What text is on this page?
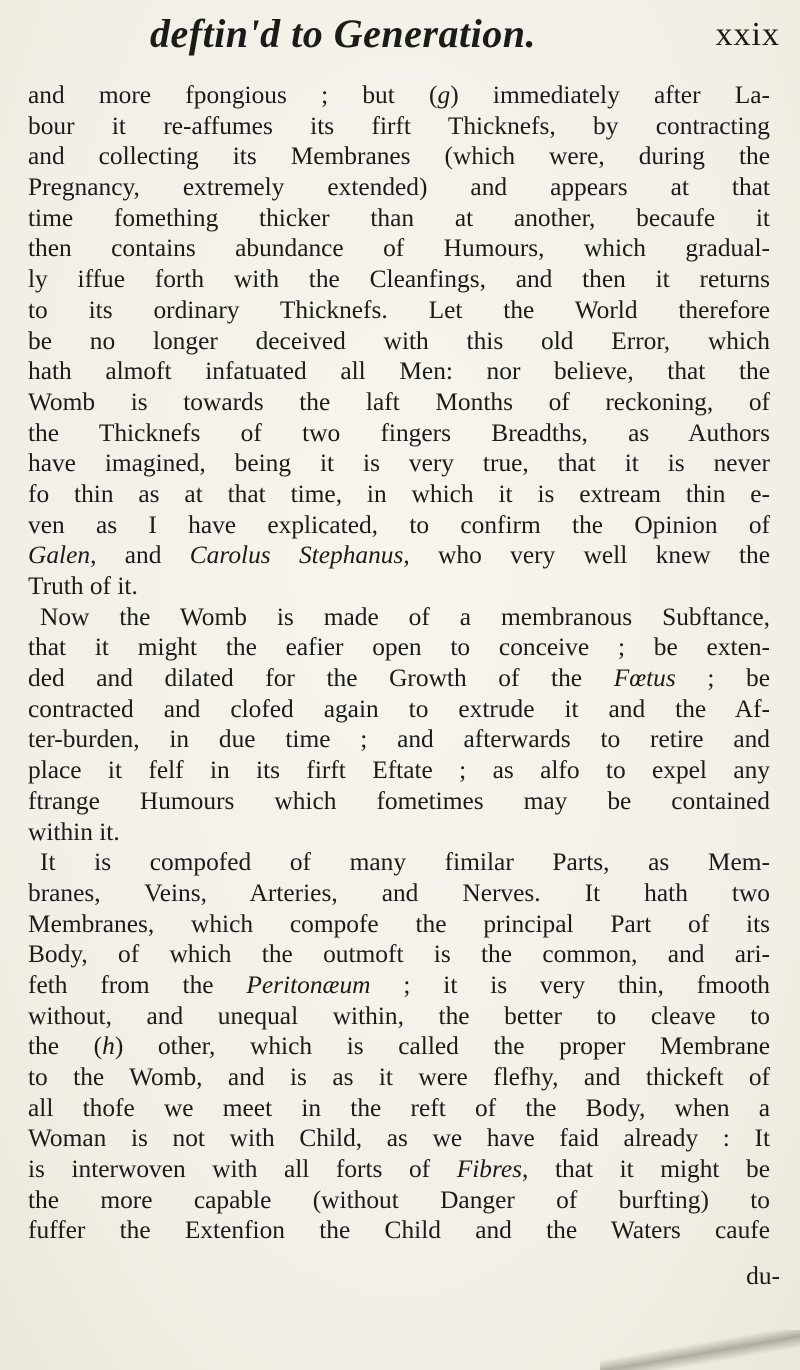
deftin'd to Generation.	xxix
and more fpongious ; but (g) immediately after La-
bour it re-affumes its firft Thicknefs, by contracting
and collecting its Membranes (which were, during the
Pregnancy, extremely extended) and appears at that
time fomething thicker than at another, becaufe it
then contains abundance of Humours, which gradual-
ly iffue forth with the Cleanfings, and then it returns
to its ordinary Thicknefs. Let the World therefore
be no longer deceived with this old Error, which
hath almoft infatuated all Men: nor believe, that the
Womb is towards the laft Months of reckoning, of
the Thicknefs of two fingers Breadths, as Authors
have imagined, being it is very true, that it is never
fo thin as at that time, in which it is extream thin e-
ven as I have explicated, to confirm the Opinion of
Galen, and Carolus Stephanus, who very well knew the
Truth of it.
Now the Womb is made of a membranous Subftance,
that it might the eafier open to conceive ; be exten-
ded and dilated for the Growth of the Fœtus ; be
contracted and clofed again to extrude it and the Af-
ter-burden, in due time ; and afterwards to retire and
place it felf in its firft Eftate ; as alfo to expel any
ftrange Humours which fometimes may be contained
within it.
It is compofed of many fimilar Parts, as Mem-
branes, Veins, Arteries, and Nerves. It hath two
Membranes, which compofe the principal Part of its
Body, of which the outmoft is the common, and ari-
feth from the Peritonæum ; it is very thin, fmooth
without, and unequal within, the better to cleave to
the (h) other, which is called the proper Membrane
to the Womb, and is as it were flefhy, and thickeft of
all thofe we meet in the reft of the Body, when a
Woman is not with Child, as we have faid already : It
is interwoven with all forts of Fibres, that it might be
the more capable (without Danger of burfting) to
fuffer the Extenfion the Child and the Waters caufe
du-
